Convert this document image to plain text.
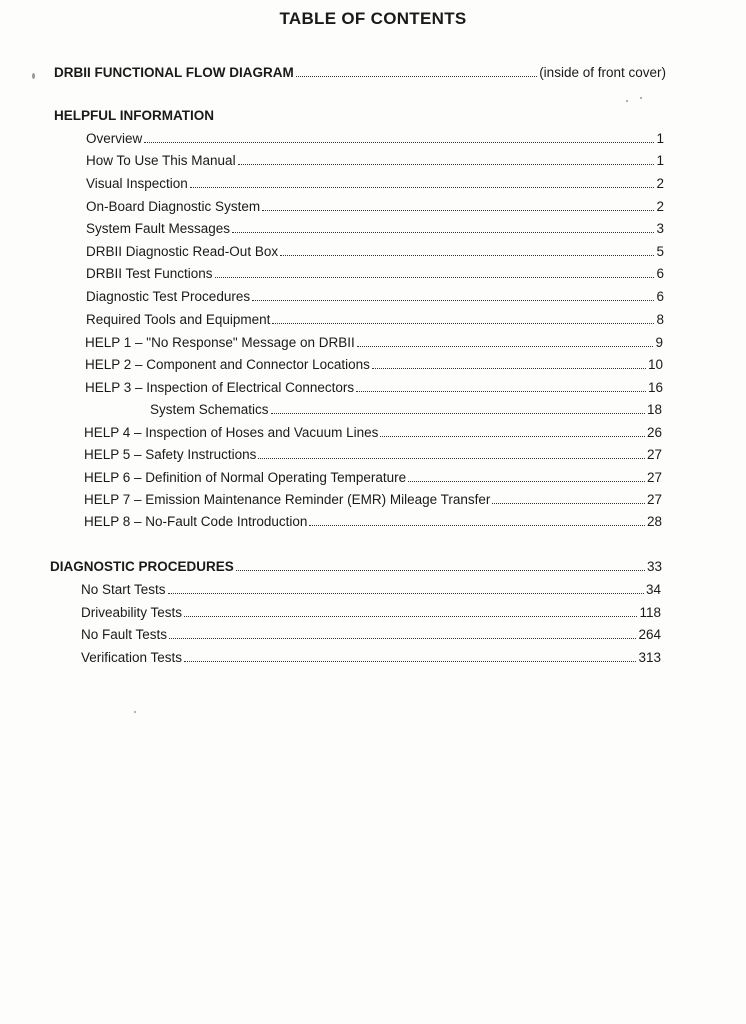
TABLE OF CONTENTS
DRBII FUNCTIONAL FLOW DIAGRAM	(inside of front cover)
HELPFUL INFORMATION
Overview	1
How To Use This Manual	1
Visual Inspection	2
On-Board Diagnostic System	2
System Fault Messages	3
DRBII Diagnostic Read-Out Box	5
DRBII Test Functions	6
Diagnostic Test Procedures	6
Required Tools and Equipment	8
HELP 1 – "No Response" Message on DRBII	9
HELP 2 – Component and Connector Locations	10
HELP 3 – Inspection of Electrical Connectors	16
System Schematics	18
HELP 4 – Inspection of Hoses and Vacuum Lines	26
HELP 5 – Safety Instructions	27
HELP 6 – Definition of Normal Operating Temperature	27
HELP 7 – Emission Maintenance Reminder (EMR) Mileage Transfer	27
HELP 8 – No-Fault Code Introduction	28
DIAGNOSTIC PROCEDURES	33
No Start Tests	34
Driveability Tests	118
No Fault Tests	264
Verification Tests	313
